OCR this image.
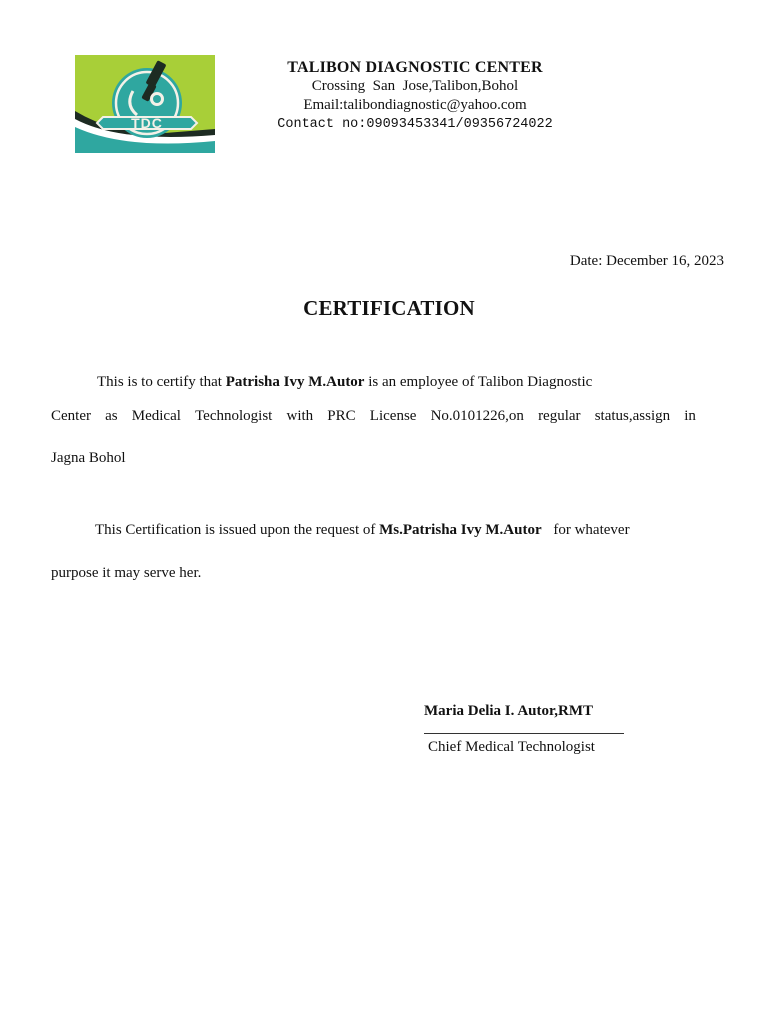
TDC
TALIBON DIAGNOSTIC CENTER
Crossing  San  Jose,Talibon,Bohol
Email:talibondiagnostic@yahoo.com
Contact no:09093453341/09356724022
Date: December 16, 2023
CERTIFICATION
This is to certify that Patrisha Ivy M.Autor is an employee of Talibon Diagnostic
Center as Medical Technologist with PRC License No.0101226,on regular status,assign in
Jagna Bohol
This Certification is issued upon the request of Ms.Patrisha Ivy M.Autor for whatever
purpose it may serve her.
Maria Delia I. Autor,RMT
Chief Medical Technologist
